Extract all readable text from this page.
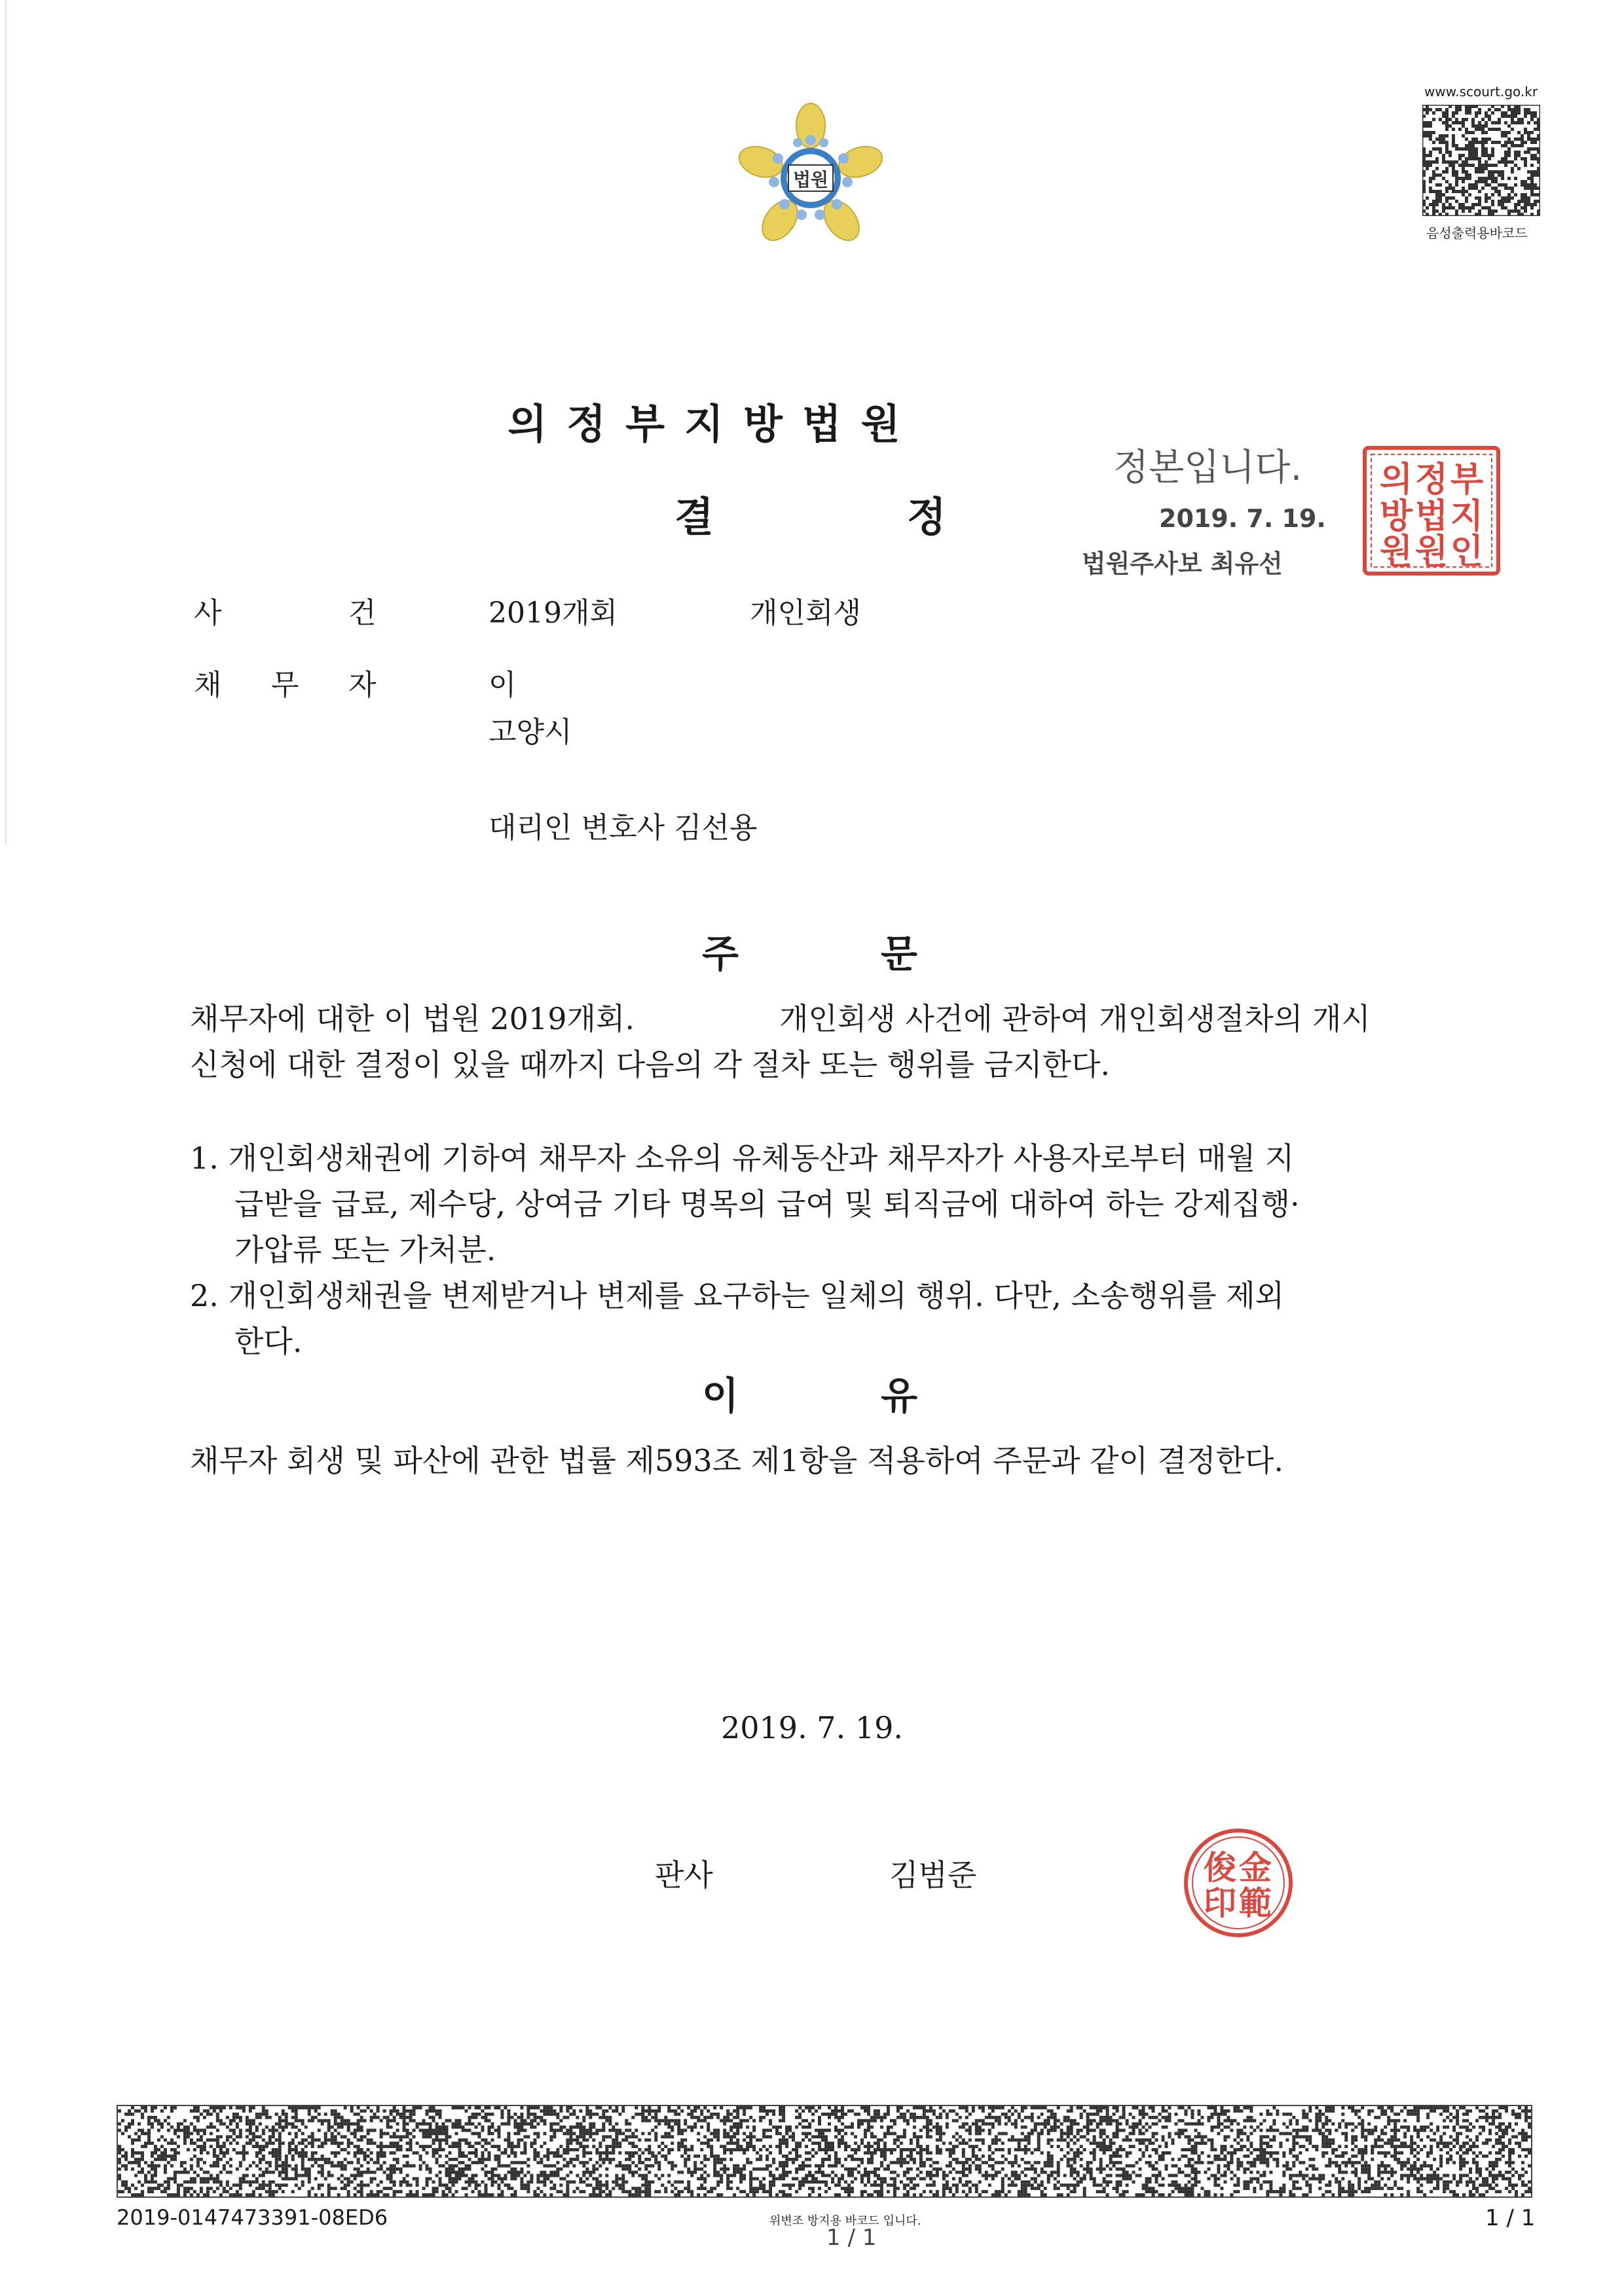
법원
www.scourt.go.kr
음성출력용바코드
의정부지방법원
결	정
정본입니다.
2019. 7. 19.
법원주사보 최유선
의 정 부
방 법 지
원 원 인
사	건	2019개회	개인회생
채 무 자	이
고양시
대리인 변호사 김선용
주	문
채무자에 대한 이 법원 2019개회.	개인회생 사건에 관하여 개인회생절차의 개시
신청에 대한 결정이 있을 때까지 다음의 각 절차 또는 행위를 금지한다.
1. 개인회생채권에 기하여 채무자 소유의 유체동산과 채무자가 사용자로부터 매월 지
급받을 급료, 제수당, 상여금 기타 명목의 급여 및 퇴직금에 대하여 하는 강제집행·
가압류 또는 가처분.
2. 개인회생채권을 변제받거나 변제를 요구하는 일체의 행위. 다만, 소송행위를 제외
한다.
이	유
채무자 회생 및 파산에 관한 법률 제593조 제1항을 적용하여 주문과 같이 결정한다.
2019. 7. 19.
판사	김범준	金
範
俊
印
2019-0147473391-08ED6	위변조 방지용 바코드 입니다.
1 / 1
1 / 1
